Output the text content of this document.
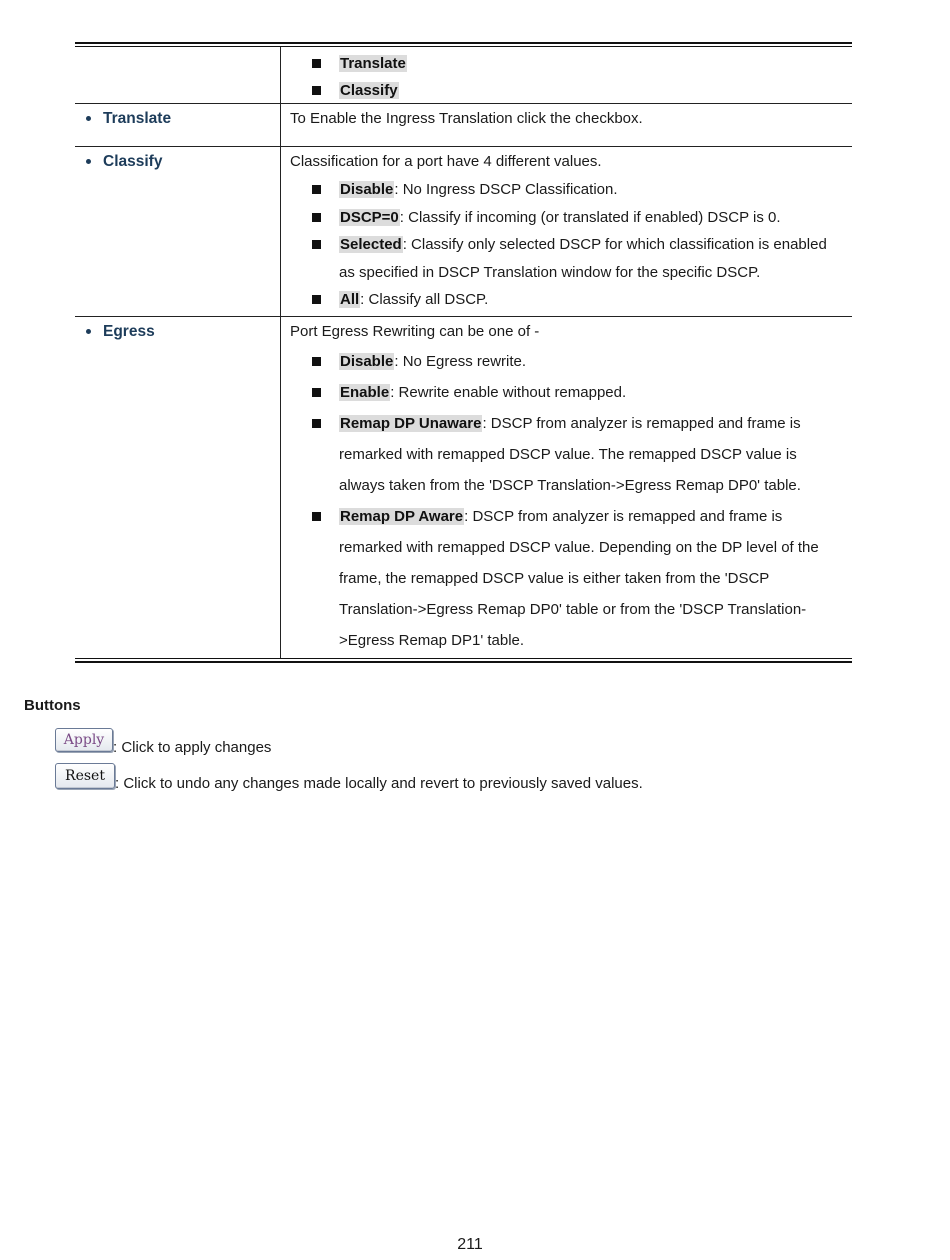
Translate
Classify
Translate	To Enable the Ingress Translation click the checkbox.
Classify	Classification for a port have 4 different values.
Disable: No Ingress DSCP Classification.
DSCP=0: Classify if incoming (or translated if enabled) DSCP is 0.
Selected: Classify only selected DSCP for which classification is enabled as specified in DSCP Translation window for the specific DSCP.
All: Classify all DSCP.
Egress	Port Egress Rewriting can be one of -
Disable: No Egress rewrite.
Enable: Rewrite enable without remapped.
Remap DP Unaware: DSCP from analyzer is remapped and frame is remarked with remapped DSCP value. The remapped DSCP value is always taken from the 'DSCP Translation->Egress Remap DP0' table.
Remap DP Aware: DSCP from analyzer is remapped and frame is remarked with remapped DSCP value. Depending on the DP level of the frame, the remapped DSCP value is either taken from the 'DSCP Translation->Egress Remap DP0' table or from the 'DSCP Translation->Egress Remap DP1' table.
Buttons
Apply : Click to apply changes
Reset : Click to undo any changes made locally and revert to previously saved values.
211
